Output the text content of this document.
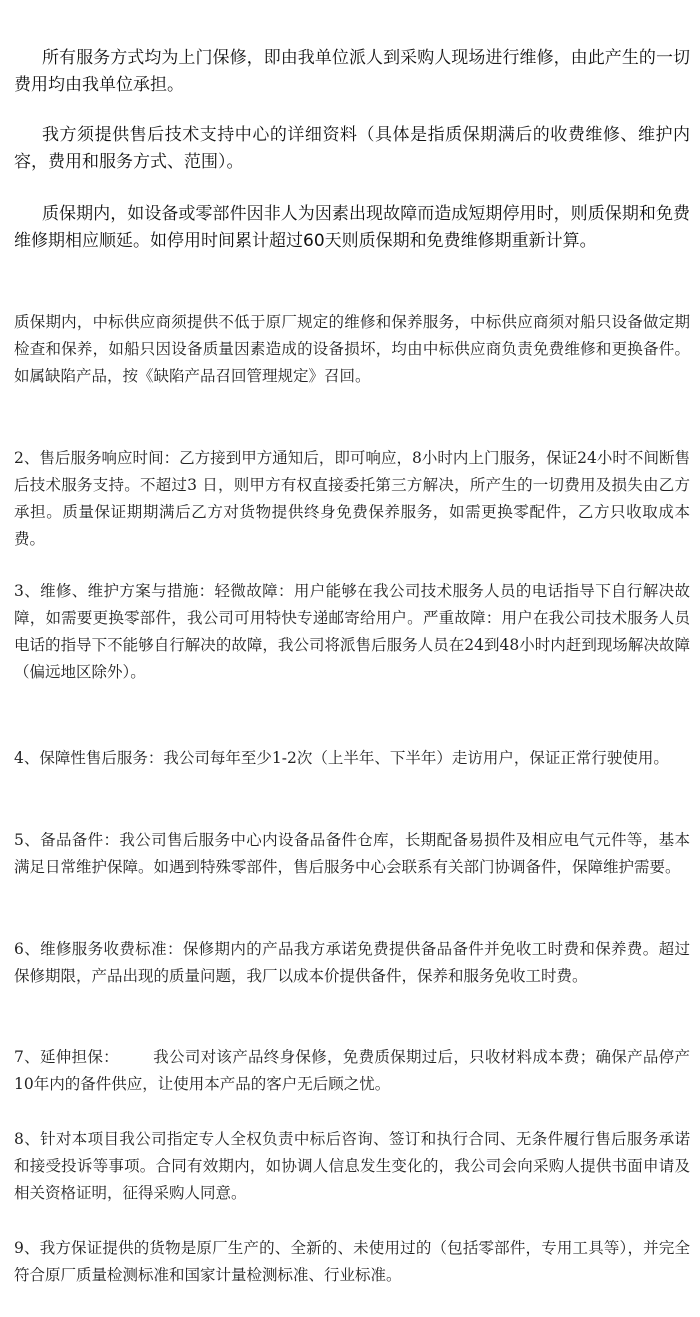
所有服务方式均为上门保修，即由我单位派人到采购人现场进行维修，由此产生的一切费用均由我单位承担。

我方须提供售后技术支持中心的详细资料（具体是指质保期满后的收费维修、维护内容，费用和服务方式、范围）。

质保期内，如设备或零部件因非人为因素出现故障而造成短期停用时，则质保期和免费维修期相应顺延。如停用时间累计超过60天则质保期和免费维修期重新计算。

质保期内，中标供应商须提供不低于原厂规定的维修和保养服务，中标供应商须对船只设备做定期检查和保养，如船只因设备质量因素造成的设备损坏，均由中标供应商负责免费维修和更换备件。如属缺陷产品，按《缺陷产品召回管理规定》召回。

2、售后服务响应时间：乙方接到甲方通知后，即可响应，8小时内上门服务，保证24小时不间断售后技术服务支持。不超过3 日，则甲方有权直接委托第三方解决，所产生的一切费用及损失由乙方承担。质量保证期期满后乙方对货物提供终身免费保养服务，如需更换零配件，乙方只收取成本费。

3、维修、维护方案与措施：轻微故障：用户能够在我公司技术服务人员的电话指导下自行解决故障，如需要更换零部件，我公司可用特快专递邮寄给用户。严重故障：用户在我公司技术服务人员电话的指导下不能够自行解决的故障，我公司将派售后服务人员在24到48小时内赶到现场解决故障（偏远地区除外）。

4、保障性售后服务：我公司每年至少1-2次（上半年、下半年）走访用户，保证正常行驶使用。

5、备品备件：我公司售后服务中心内设备品备件仓库，长期配备易损件及相应电气元件等，基本满足日常维护保障。如遇到特殊零部件，售后服务中心会联系有关部门协调备件，保障维护需要。

6、维修服务收费标准：保修期内的产品我方承诺免费提供备品备件并免收工时费和保养费。超过保修期限，产品出现的质量问题，我厂以成本价提供备件，保养和服务免收工时费。

7、延伸担保： 我公司对该产品终身保修，免费质保期过后，只收材料成本费；确保产品停产10年内的备件供应，让使用本产品的客户无后顾之忧。

8、针对本项目我公司指定专人全权负责中标后咨询、签订和执行合同、无条件履行售后服务承诺和接受投诉等事项。合同有效期内，如协调人信息发生变化的，我公司会向采购人提供书面申请及相关资格证明，征得采购人同意。

9、我方保证提供的货物是原厂生产的、全新的、未使用过的（包括零部件，专用工具等），并完全符合原厂质量检测标准和国家计量检测标准、行业标准。
